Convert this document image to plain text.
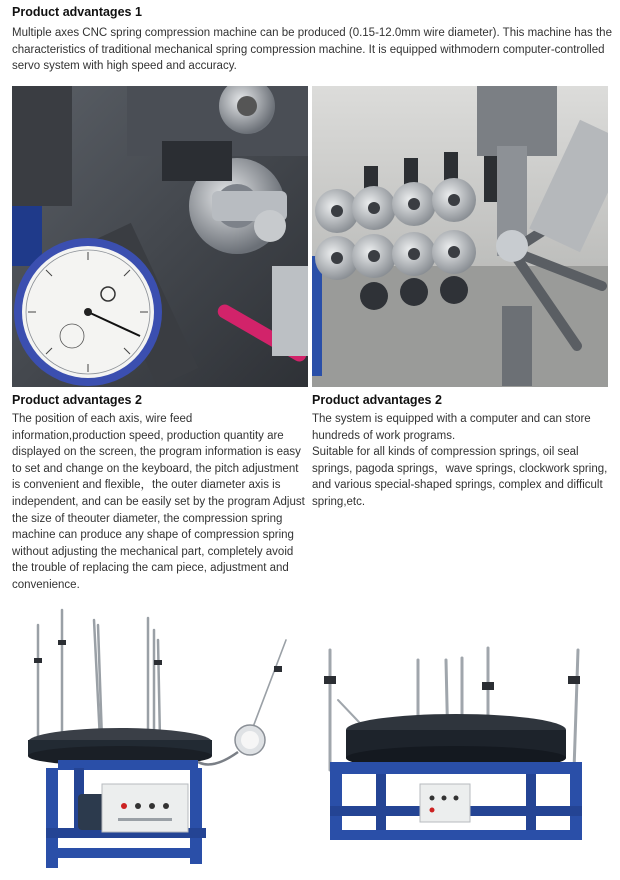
Product advantages 1
Multiple axes CNC spring compression machine can be produced (0.15-12.0mm wire diameter). This machine has the characteristics of traditional mechanical spring compression machine. It is equipped withmodern computer-controlled servo system with high speed and accuracy.
Product advantages 2
The position of each axis, wire feed information,production speed, production quantity are displayed on the screen, the program information is easy to set and change on the keyboard, the pitch adjustment is convenient and flexible，the outer diameter axis is independent, and can be easily set by the program Adjust the size of theouter diameter, the compression spring machine can produce any shape of compression spring without adjusting the mechanical part, completely avoid the trouble of replacing the cam piece, adjustment and convenience.
Product advantages 2
The system is equipped with a computer and can store hundreds of work programs.
Suitable for all kinds of compression springs, oil seal springs, pagoda springs，wave springs, clockwork spring, and various special-shaped springs, complex and difficult spring,etc.
